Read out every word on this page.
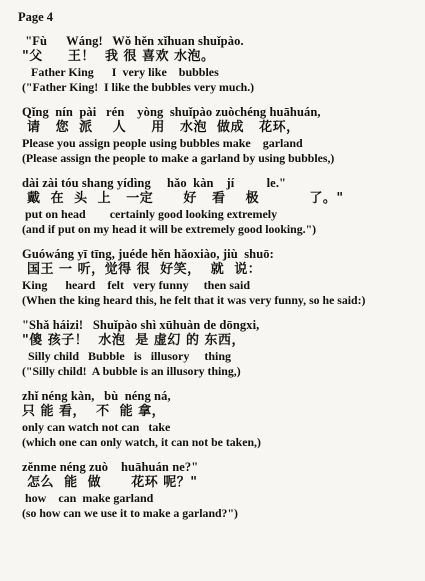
Page 4
"Fù      Wáng!   Wǒ hěn xǐhuan shuǐpào.
"父     王！  我 很 喜欢 水泡。
Father King      I  very like    bubbles
("Father King!  I like the bubbles very much.)
Qǐng  nín  pài   rén    yòng  shuǐpào zuòchéng huāhuán,
请   您  派    人     用   水泡  做成   花环，
Please you assign people using bubbles make    garland
(Please assign the people to make a garland by using bubbles,)
dài zài tóu shang yídìng     hǎo  kàn    jí          le."
戴  在  头  上   一定      好   看    极          了。"
put on head        certainly good looking extremely
(and if put on my head it will be extremely good looking.")
Guówáng yī tīng, juéde hěn hǎoxiào, jiù  shuō:
国王 一 听，觉得 很  好笑，  就  说：
King      heard    felt   very funny     then said
(When the king heard this, he felt that it was very funny, so he said:)
"Shǎ háizi!   Shuǐpào shì xūhuàn de dōngxi,
"傻 孩子！  水泡  是 虚幻 的 东西，
Silly child   Bubble   is   illusory     thing
("Silly child!  A bubble is an illusory thing,)
zhǐ néng kàn,   bù  néng ná,
只 能 看，  不  能 拿，
only can watch not can   take
(which one can only watch, it can not be taken,)
zěnme néng zuò    huāhuán ne?"
怎么  能  做      花环 呢？"
how    can  make garland
(so how can we use it to make a garland?")
